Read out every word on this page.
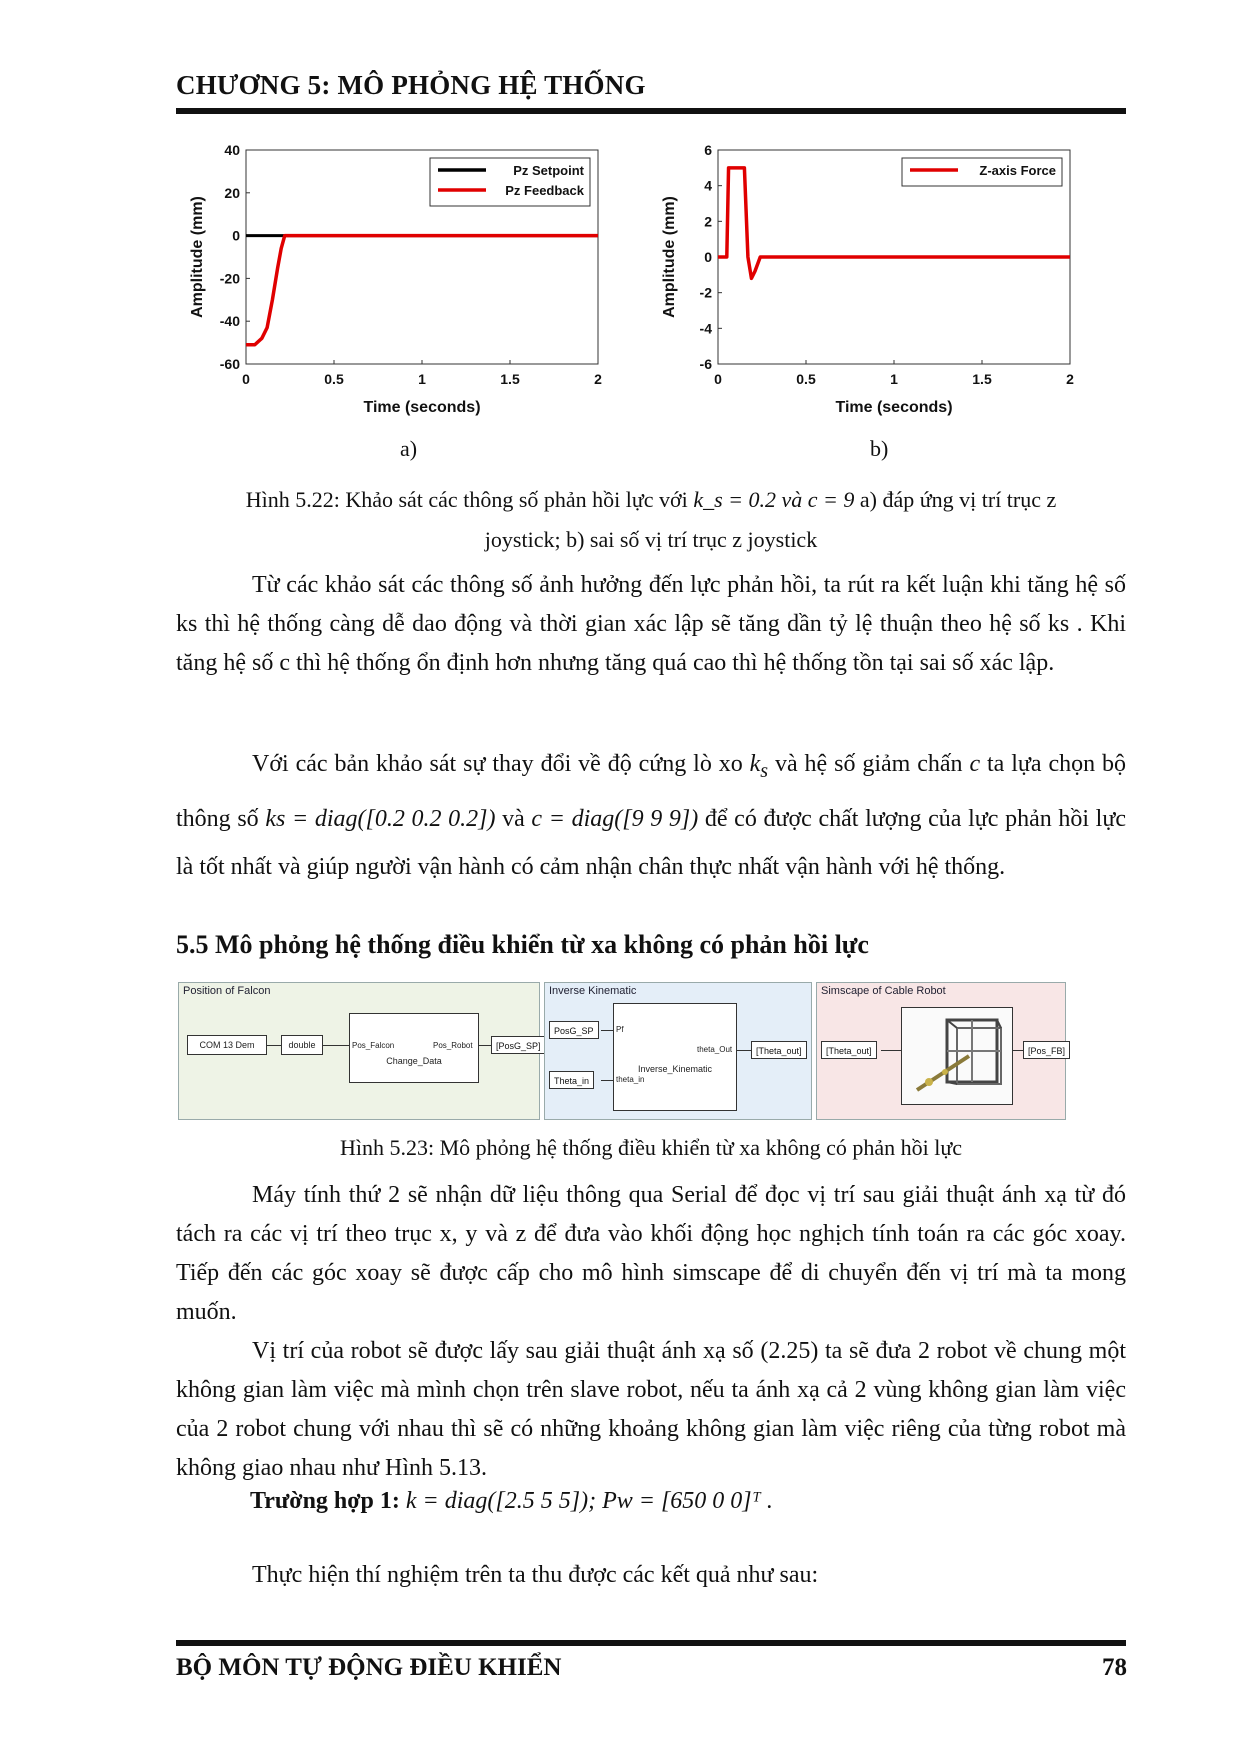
CHƯƠNG 5: MÔ PHỎNG HỆ THỐNG
0	0.5	1	1.5	2
40
20
0
-20
-40
-60
Time (seconds)
Amplitude (mm)
Pz Setpoint
Pz Feedback
0	0.5	1	1.5	2
6
4
2
0
-2
-4
-6
Time (seconds)
Amplitude (mm)
Z-axis Force
a)	b)
Hình 5.22: Khảo sát các thông số phản hồi lực với k_s = 0.2 và c = 9 a) đáp ứng vị trí trục z
joystick; b) sai số vị trí trục z joystick

Từ các khảo sát các thông số ảnh hưởng đến lực phản hồi, ta rút ra kết luận khi tăng hệ số ks thì hệ thống càng dễ dao động và thời gian xác lập sẽ tăng dần tỷ lệ thuận theo hệ số ks . Khi tăng hệ số c thì hệ thống ổn định hơn nhưng tăng quá cao thì hệ thống tồn tại sai số xác lập.

Với các bản khảo sát sự thay đổi về độ cứng lò xo $k_s$ và hệ số giảm chấn c ta lựa chọn bộ thông số ks = diag([0.2 0.2 0.2]) và c = diag([9 9 9]) để có được chất lượng của lực phản hồi lực là tốt nhất và giúp người vận hành có cảm nhận chân thực nhất vận hành với hệ thống.

5.5 Mô phỏng hệ thống điều khiển từ xa không có phản hồi lực
Position of Falcon
COM 13 Dem	double
Change_Data
Pos_Falcon	Pos_Robot	[PosG_SP]
Inverse Kinematic
PosG_SP
Theta_in
Inverse_Kinematic
Pf
theta_in
theta_Out	[Theta_out]
Simscape of Cable Robot
[Theta_out]	[Pos_FB]
Hình 5.23: Mô phỏng hệ thống điều khiển từ xa không có phản hồi lực

Máy tính thứ 2 sẽ nhận dữ liệu thông qua Serial để đọc vị trí sau giải thuật ánh xạ từ đó tách ra các vị trí theo trục x, y và z để đưa vào khối động học nghịch tính toán ra các góc xoay. Tiếp đến các góc xoay sẽ được cấp cho mô hình simscape để di chuyển đến vị trí mà ta mong muốn.

Vị trí của robot sẽ được lấy sau giải thuật ánh xạ số (2.25) ta sẽ đưa 2 robot về chung một không gian làm việc mà mình chọn trên slave robot, nếu ta ánh xạ cả 2 vùng không gian làm việc của 2 robot chung với nhau thì sẽ có những khoảng không gian làm việc riêng của từng robot mà không giao nhau như Hình 5.13.

Trường hợp 1: k = diag([2.5 5 5]); Pw = [650 0 0]ᵀ .

Thực hiện thí nghiệm trên ta thu được các kết quả như sau:

BỘ MÔN TỰ ĐỘNG ĐIỀU KHIỂN	78
